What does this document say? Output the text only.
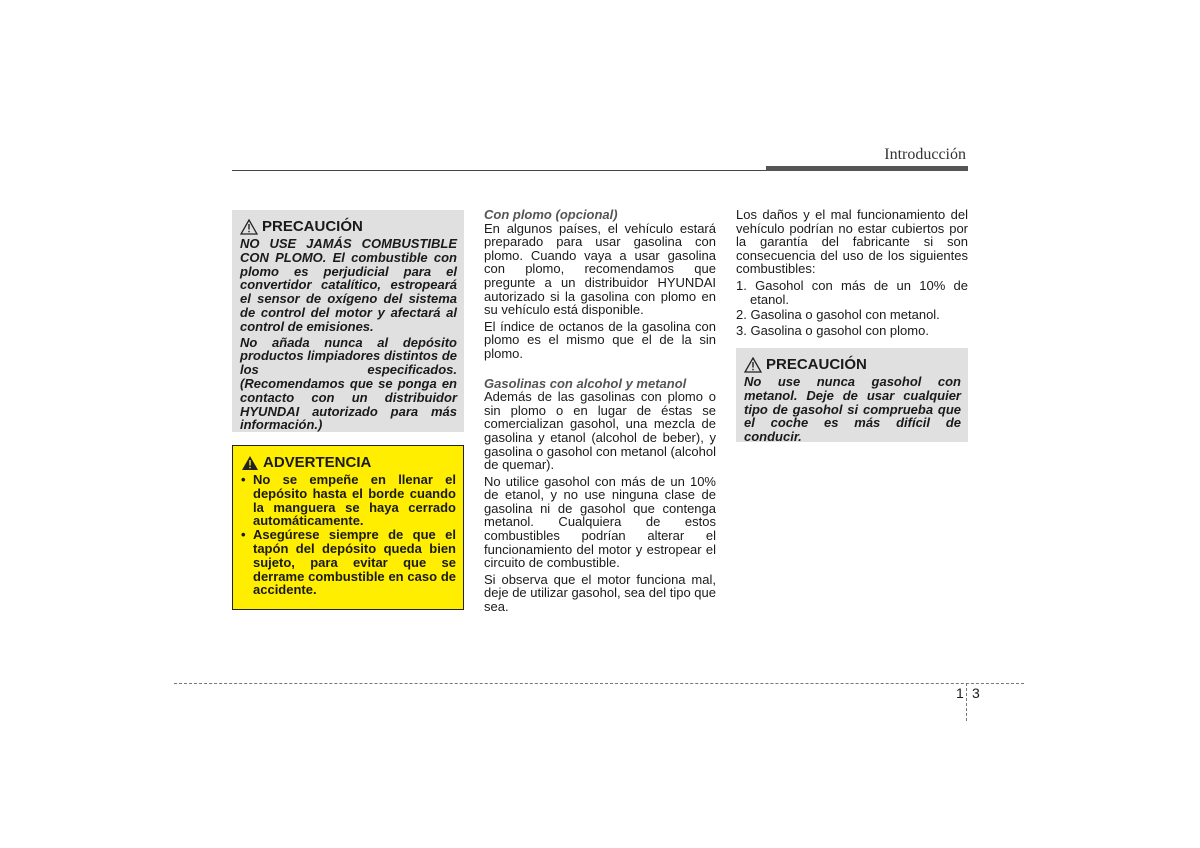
Introducción
PRECAUCIÓN
NO USE JAMÁS COMBUSTIBLE CON PLOMO. El combustible con plomo es perjudicial para el convertidor catalítico, estropeará el sensor de oxígeno del sistema de control del motor y afectará al control de emisiones.
No añada nunca al depósito productos limpiadores distintos de los especificados. (Recomendamos que se ponga en contacto con un distribuidor HYUNDAI autorizado para más información.)
ADVERTENCIA
• No se empeñe en llenar el depósito hasta el borde cuando la manguera se haya cerrado automáticamente.
• Asegúrese siempre de que el tapón del depósito queda bien sujeto, para evitar que se derrame combustible en caso de accidente.

Con plomo (opcional)

En algunos países, el vehículo estará preparado para usar gasolina con plomo. Cuando vaya a usar gasolina con plomo, recomendamos que pregunte a un distribuidor HYUNDAI autorizado si la gasolina con plomo en su vehículo está disponible.

El índice de octanos de la gasolina con plomo es el mismo que el de la sin plomo.

Gasolinas con alcohol y metanol

Además de las gasolinas con plomo o sin plomo o en lugar de éstas se comercializan gasohol, una mezcla de gasolina y etanol (alcohol de beber), y gasolina o gasohol con metanol (alcohol de quemar).

No utilice gasohol con más de un 10% de etanol, y no use ninguna clase de gasolina ni de gasohol que contenga metanol. Cualquiera de estos combustibles podrían alterar el funcionamiento del motor y estropear el circuito de combustible.

Si observa que el motor funciona mal, deje de utilizar gasohol, sea del tipo que sea.

Los daños y el mal funcionamiento del vehículo podrían no estar cubiertos por la garantía del fabricante si son consecuencia del uso de los siguientes combustibles:

1. Gasohol con más de un 10% de etanol.
2. Gasolina o gasohol con metanol.
3. Gasolina o gasohol con plomo.
PRECAUCIÓN
No use nunca gasohol con metanol. Deje de usar cualquier tipo de gasohol si comprueba que el coche es más difícil de conducir.
1 3
